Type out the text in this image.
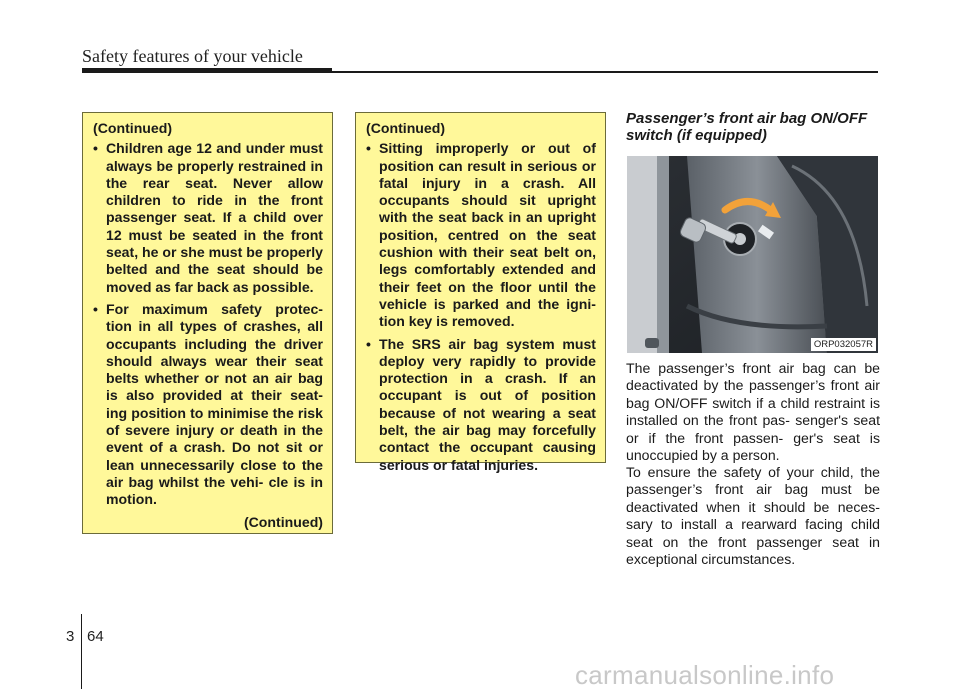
Safety features of your vehicle
(Continued)
• Children age 12 and under must always be properly restrained in the rear seat. Never allow children to ride in the front passenger seat. If a child over 12 must be seated in the front seat, he or she must be properly belted and the seat should be moved as far back as possible.
• For maximum safety protec- tion in all types of crashes, all occupants including the driver should always wear their seat belts whether or not an air bag is also provided at their seat- ing position to minimise the risk of severe injury or death in the event of a crash. Do not sit or lean unnecessarily close to the air bag whilst the vehi- cle is in motion.
(Continued)
(Continued)
• Sitting improperly or out of position can result in serious or fatal injury in a crash. All occupants should sit upright with the seat back in an upright position, centred on the seat cushion with their seat belt on, legs comfortably extended and their feet on the floor until the vehicle is parked and the igni- tion key is removed.
• The SRS air bag system must deploy very rapidly to provide protection in a crash. If an occupant is out of position because of not wearing a seat belt, the air bag may forcefully contact the occupant causing serious or fatal injuries.
Passenger’s front air bag ON/OFF switch (if equipped)
ORP032057R

The passenger’s front air bag can be deactivated by the passenger’s front air bag ON/OFF switch if a child restraint is installed on the front pas- senger's seat or if the front passen- ger's seat is unoccupied by a person.

To ensure the safety of your child, the passenger’s front air bag must be deactivated when it should be neces- sary to install a rearward facing child seat on the front passenger seat in exceptional circumstances.

3 64
carmanualsonline.info
